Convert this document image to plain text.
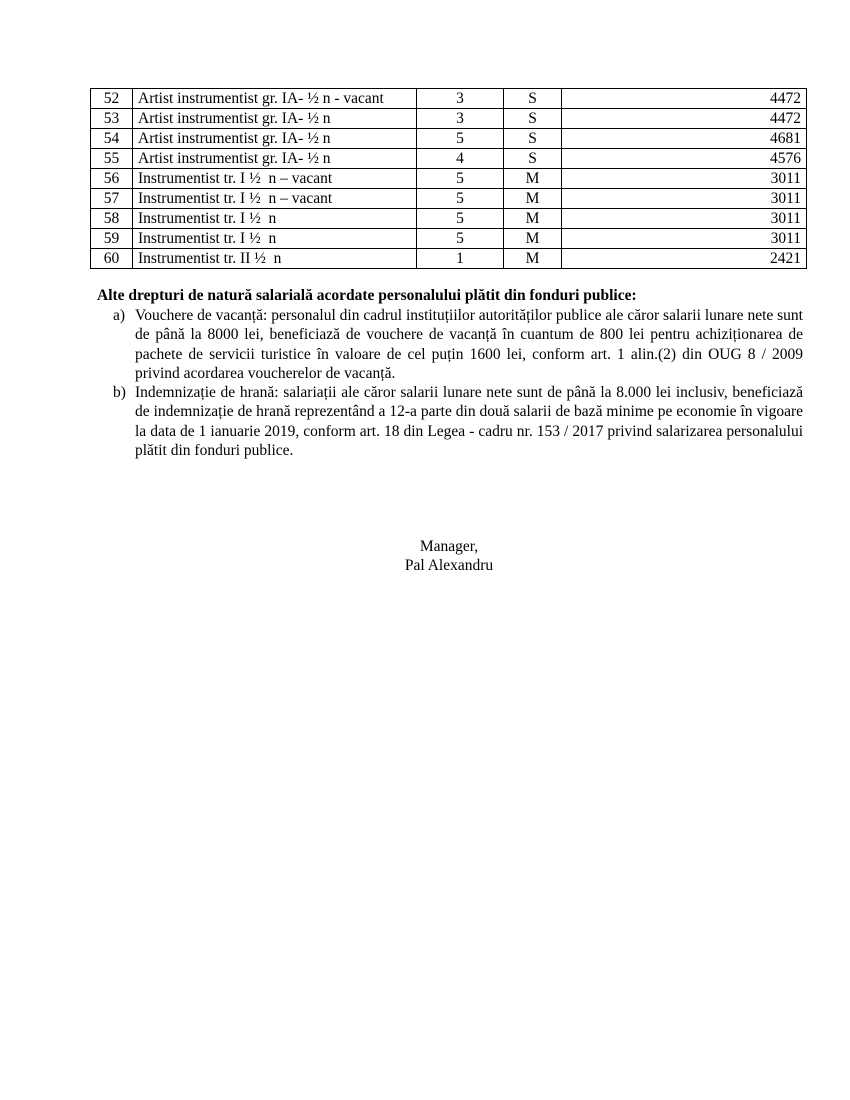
52	Artist instrumentist gr. IA- ½ n - vacant	3	S	4472
53	Artist instrumentist gr. IA- ½ n	3	S	4472
54	Artist instrumentist gr. IA- ½ n	5	S	4681
55	Artist instrumentist gr. IA- ½ n	4	S	4576
56	Instrumentist tr. I ½  n – vacant	5	M	3011
57	Instrumentist tr. I ½  n – vacant	5	M	3011
58	Instrumentist tr. I ½  n	5	M	3011
59	Instrumentist tr. I ½  n	5	M	3011
60	Instrumentist tr. II ½  n	1	M	2421
Alte drepturi de natură salarială acordate personalului plătit din fonduri publice:
a) Vouchere de vacanță: personalul din cadrul instituțiilor autorităților publice ale căror salarii lunare nete sunt de până la 8000 lei, beneficiază de vouchere de vacanță în cuantum de 800 lei pentru achiziționarea de pachete de servicii turistice în valoare de cel puțin 1600 lei, conform art. 1 alin.(2) din OUG 8 / 2009 privind acordarea voucherelor de vacanță.
b) Indemnizație de hrană: salariații ale căror salarii lunare nete sunt de până la 8.000 lei inclusiv, beneficiază de indemnizație de hrană reprezentând a 12-a parte din două salarii de bază minime pe economie în vigoare la data de 1 ianuarie 2019, conform art. 18 din Legea - cadru nr. 153 / 2017 privind salarizarea personalului plătit din fonduri publice.
Manager,
Pal Alexandru
